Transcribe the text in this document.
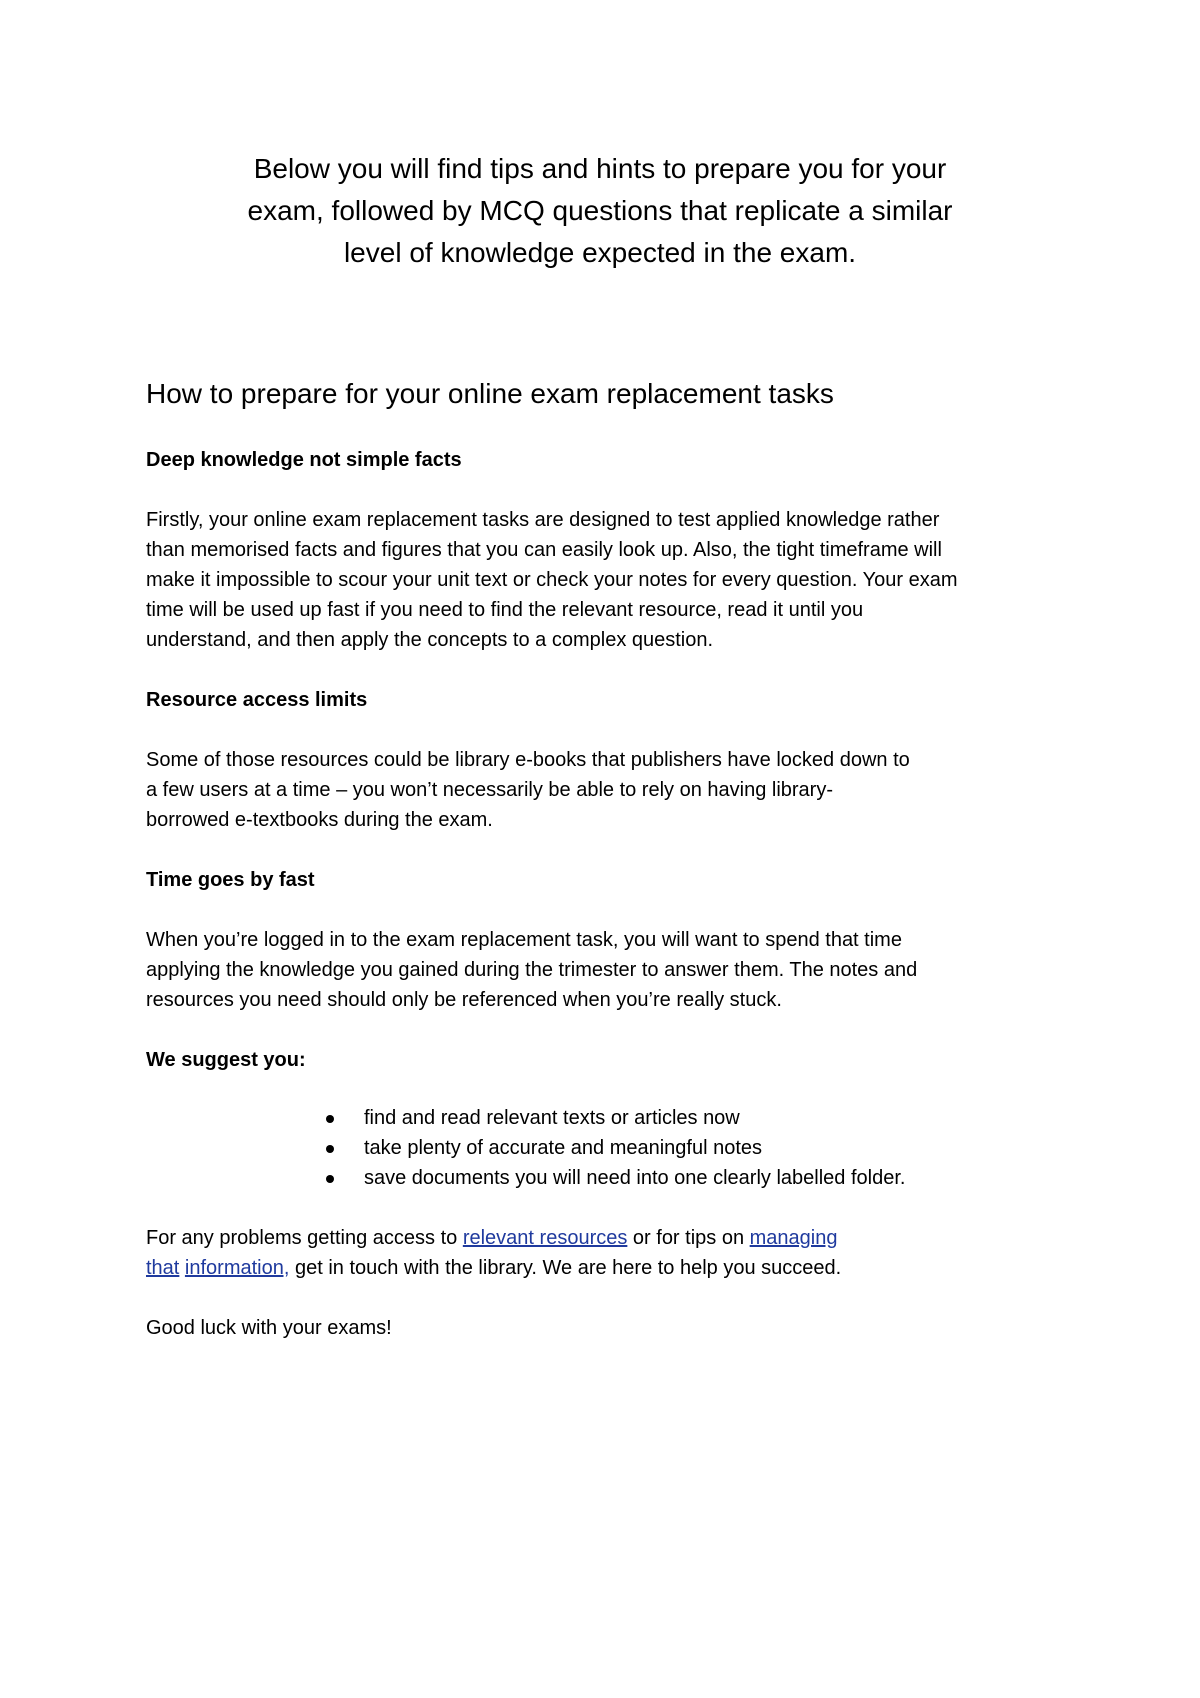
Below you will find tips and hints to prepare you for your
exam, followed by MCQ questions that replicate a similar
level of knowledge expected in the exam.
How to prepare for your online exam replacement tasks
Deep knowledge not simple facts
Firstly, your online exam replacement tasks are designed to test applied knowledge rather
than memorised facts and figures that you can easily look up. Also, the tight timeframe will
make it impossible to scour your unit text or check your notes for every question. Your exam
time will be used up fast if you need to find the relevant resource, read it until you
understand, and then apply the concepts to a complex question.
Resource access limits
Some of those resources could be library e-books that publishers have locked down to
a few users at a time – you won’t necessarily be able to rely on having library-
borrowed e-textbooks during the exam.
Time goes by fast
When you’re logged in to the exam replacement task, you will want to spend that time
applying the knowledge you gained during the trimester to answer them. The notes and
resources you need should only be referenced when you’re really stuck.
We suggest you:
find and read relevant texts or articles now
take plenty of accurate and meaningful notes
save documents you will need into one clearly labelled folder.
For any problems getting access to relevant resources or for tips on managing
that information, get in touch with the library. We are here to help you succeed.
Good luck with your exams!
